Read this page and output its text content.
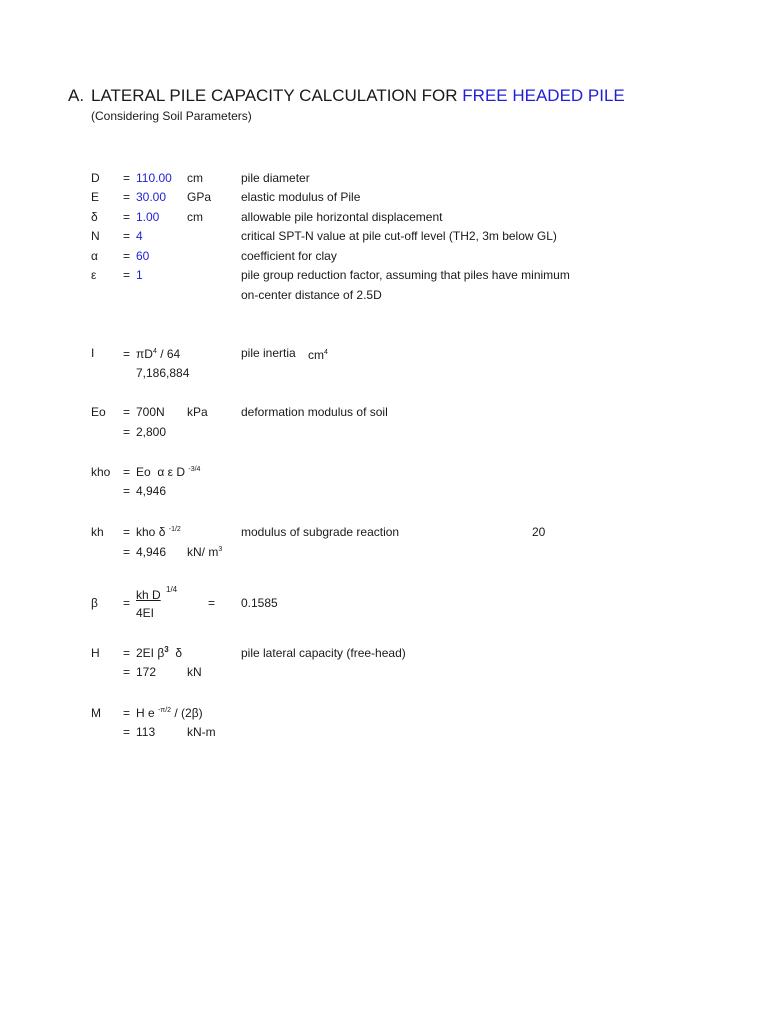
A. LATERAL PILE CAPACITY CALCULATION FOR FREE HEADED PILE
(Considering Soil Parameters)
D = 110.00 cm	pile diameter
E = 30.00 GPa elastic modulus of Pile
δ = 1.00 cm	allowable pile horizontal displacement
N = 4	critical SPT-N value at pile cut-off level (TH2, 3m below GL)
α = 60	coefficient for clay
ε = 1	pile group reduction factor, assuming that piles have minimum
on-center distance of 2.5D
$I = \pi D^4 / 64$	pile inertia $cm^4$
7,186,884
Eo = 700N kPa	deformation modulus of soil
= 2,800
kho = Eo α ε D $^{-3/4}$
= 4,946
kh = kho δ $^{-1/2}$	modulus of subgrade reaction	20
= 4,946 kN/ $m^3$
β =
kh D 1/4
4EI
= 0.1585
H = 2EI $\beta^3$ δ	pile lateral capacity (free-head)
= 172	kN
M = H e $^{-\pi/2}$ / (2β)
= 113	kN-m
